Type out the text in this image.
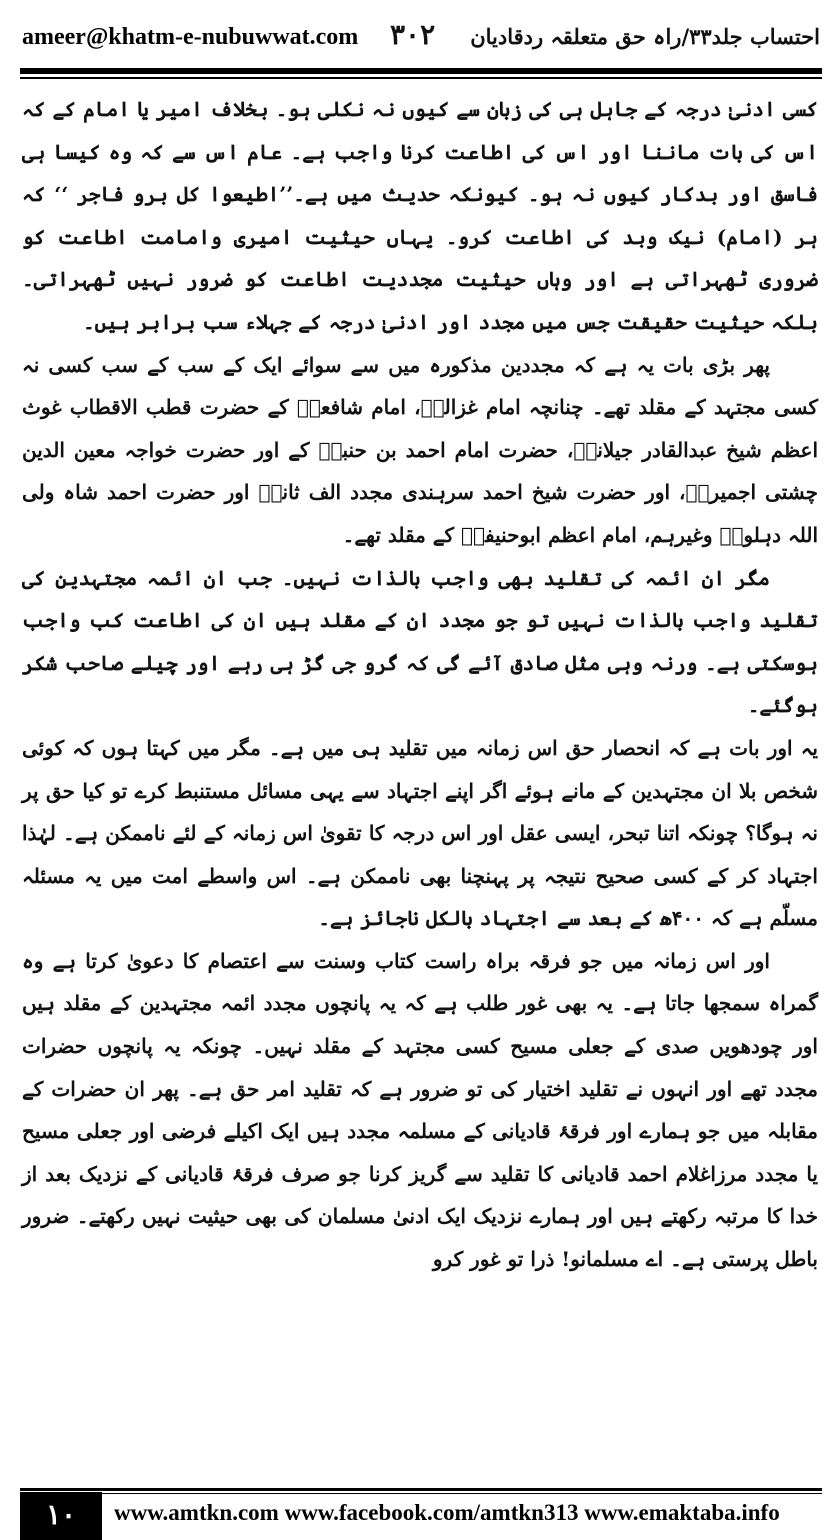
ameer@khatm-e-nubuwwat.com ۳۰۲ احتساب جلد۳۳/راہ حق متعلقہ ردقادیان

کسی ادنیٰ درجہ کے جاہل ہی کی زبان سے کیوں نہ نکلی ہو۔ بخلاف امیر یا امام کے کہ اس کی بات ماننا اور اس کی اطاعت کرنا واجب ہے۔ عام اس سے کہ وہ کیسا ہی فاسق اور بدکار کیوں نہ ہو۔ کیونکہ حدیث میں ہے۔’’اطیعوا کل برو فاجر ‘‘ کہ ہر (امام) نیک وبد کی اطاعت کرو۔ یہاں حیثیت امیری وامامت اطاعت کو ضروری ٹھہراتی ہے اور وہاں حیثیت مجددیت اطاعت کو ضرور نہیں ٹھہراتی۔ بلکہ حیثیت حقیقت جس میں مجدد اور ادنیٰ درجہ کے جہلاء سب برابر ہیں۔

پھر بڑی بات یہ ہے کہ مجددین مذکورہ میں سے سوائے ایک کے سب کے سب کسی نہ کسی مجتہد کے مقلد تھے۔ چنانچہ امام غزالیؒ، امام شافعیؒ کے حضرت قطب الاقطاب غوث اعظم شیخ عبدالقادر جیلانیؒ، حضرت امام احمد بن حنبلؒ کے اور حضرت خواجہ معین الدین چشتی اجمیریؒ، اور حضرت شیخ احمد سرہندی مجدد الف ثانیؒ اور حضرت احمد شاہ ولی اللہ دہلویؒ وغیرہم، امام اعظم ابوحنیفہؒ کے مقلد تھے۔

مگر ان ائمہ کی تقلید بھی واجب بالذات نہیں۔ جب ان ائمہ مجتہدین کی تقلید واجب بالذات نہیں تو جو مجدد ان کے مقلد ہیں ان کی اطاعت کب واجب ہوسکتی ہے۔ ورنہ وہی مثل صادق آئے گی کہ گرو جی گڑ ہی رہے اور چیلے صاحب شکر ہوگئے۔

یہ اور بات ہے کہ انحصار حق اس زمانہ میں تقلید ہی میں ہے۔ مگر میں کہتا ہوں کہ کوئی شخص بلا ان مجتہدین کے مانے ہوئے اگر اپنے اجتہاد سے یہی مسائل مستنبط کرے تو کیا حق پر نہ ہوگا؟ چونکہ اتنا تبحر، ایسی عقل اور اس درجہ کا تقویٰ اس زمانہ کے لئے ناممکن ہے۔ لہٰذا اجتہاد کر کے کسی صحیح نتیجہ پر پہنچنا بھی ناممکن ہے۔ اس واسطے امت میں یہ مسئلہ مسلّم ہے کہ ۴۰۰ھ کے بعد سے اجتہاد بالکل ناجائز ہے۔

اور اس زمانہ میں جو فرقہ براہ راست کتاب وسنت سے اعتصام کا دعویٰ کرتا ہے وہ گمراہ سمجھا جاتا ہے۔ یہ بھی غور طلب ہے کہ یہ پانچوں مجدد ائمہ مجتہدین کے مقلد ہیں اور چودھویں صدی کے جعلی مسیح کسی مجتہد کے مقلد نہیں۔ چونکہ یہ پانچوں حضرات مجدد تھے اور انہوں نے تقلید اختیار کی تو ضرور ہے کہ تقلید امر حق ہے۔ پھر ان حضرات کے مقابلہ میں جو ہمارے اور فرقۂ قادیانی کے مسلمہ مجدد ہیں ایک اکیلے فرضی اور جعلی مسیح یا مجدد مرزاغلام احمد قادیانی کا تقلید سے گریز کرنا جو صرف فرقۂ قادیانی کے نزدیک بعد از خدا کا مرتبہ رکھتے ہیں اور ہمارے نزدیک ایک ادنیٰ مسلمان کی بھی حیثیت نہیں رکھتے۔ ضرور باطل پرستی ہے۔ اے مسلمانو! ذرا تو غور کرو

۱۰	www.amtkn.com www.facebook.com/amtkn313 www.emaktaba.info
